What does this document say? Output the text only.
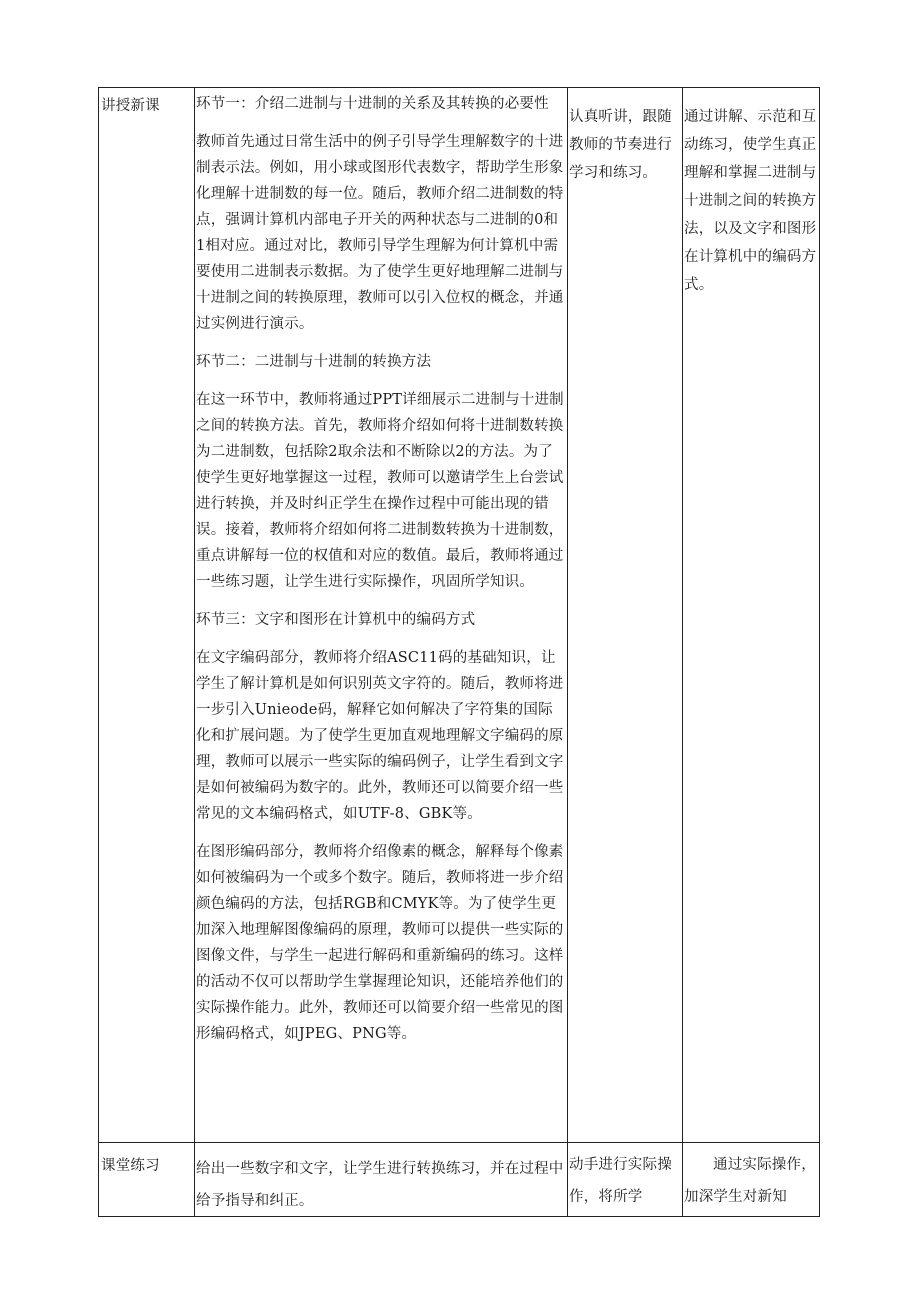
讲授新课	环节一：介绍二进制与十进制的关系及其转换的必要性
教师首先通过日常生活中的例子引导学生理解数字的十进制表示法。例如，用小球或图形代表数字，帮助学生形象化理解十进制数的每一位。随后，教师介绍二进制数的特点，强调计算机内部电子开关的两种状态与二进制的0和1相对应。通过对比，教师引导学生理解为何计算机中需要使用二进制表示数据。为了使学生更好地理解二进制与十进制之间的转换原理，教师可以引入位权的概念，并通过实例进行演示。
环节二：二进制与十进制的转换方法
在这一环节中，教师将通过PPT详细展示二进制与十进制之间的转换方法。首先，教师将介绍如何将十进制数转换为二进制数，包括除2取余法和不断除以2的方法。为了使学生更好地掌握这一过程，教师可以邀请学生上台尝试进行转换，并及时纠正学生在操作过程中可能出现的错误。接着，教师将介绍如何将二进制数转换为十进制数，重点讲解每一位的权值和对应的数值。最后，教师将通过一些练习题，让学生进行实际操作，巩固所学知识。
环节三：文字和图形在计算机中的编码方式
在文字编码部分，教师将介绍ASC11码的基础知识，让学生了解计算机是如何识别英文字符的。随后，教师将进一步引入Unieode码，解释它如何解决了字符集的国际化和扩展问题。为了使学生更加直观地理解文字编码的原理，教师可以展示一些实际的编码例子，让学生看到文字是如何被编码为数字的。此外，教师还可以简要介绍一些常见的文本编码格式，如UTF-8、GBK等。
在图形编码部分，教师将介绍像素的概念，解释每个像素如何被编码为一个或多个数字。随后，教师将进一步介绍颜色编码的方法，包括RGB和CMYK等。为了使学生更加深入地理解图像编码的原理，教师可以提供一些实际的图像文件，与学生一起进行解码和重新编码的练习。这样的活动不仅可以帮助学生掌握理论知识，还能培养他们的实际操作能力。此外，教师还可以简要介绍一些常见的图形编码格式，如JPEG、PNG等。
认真听讲，跟随教师的节奏进行学习和练习。
通过讲解、示范和互动练习，使学生真正理解和掌握二进制与十进制之间的转换方法，以及文字和图形在计算机中的编码方式。
课堂练习	给出一些数字和文字，让学生进行转换练习，并在过程中给予指导和纠正。
动手进行实际操作，将所学
通过实际操作，加深学生对新知
